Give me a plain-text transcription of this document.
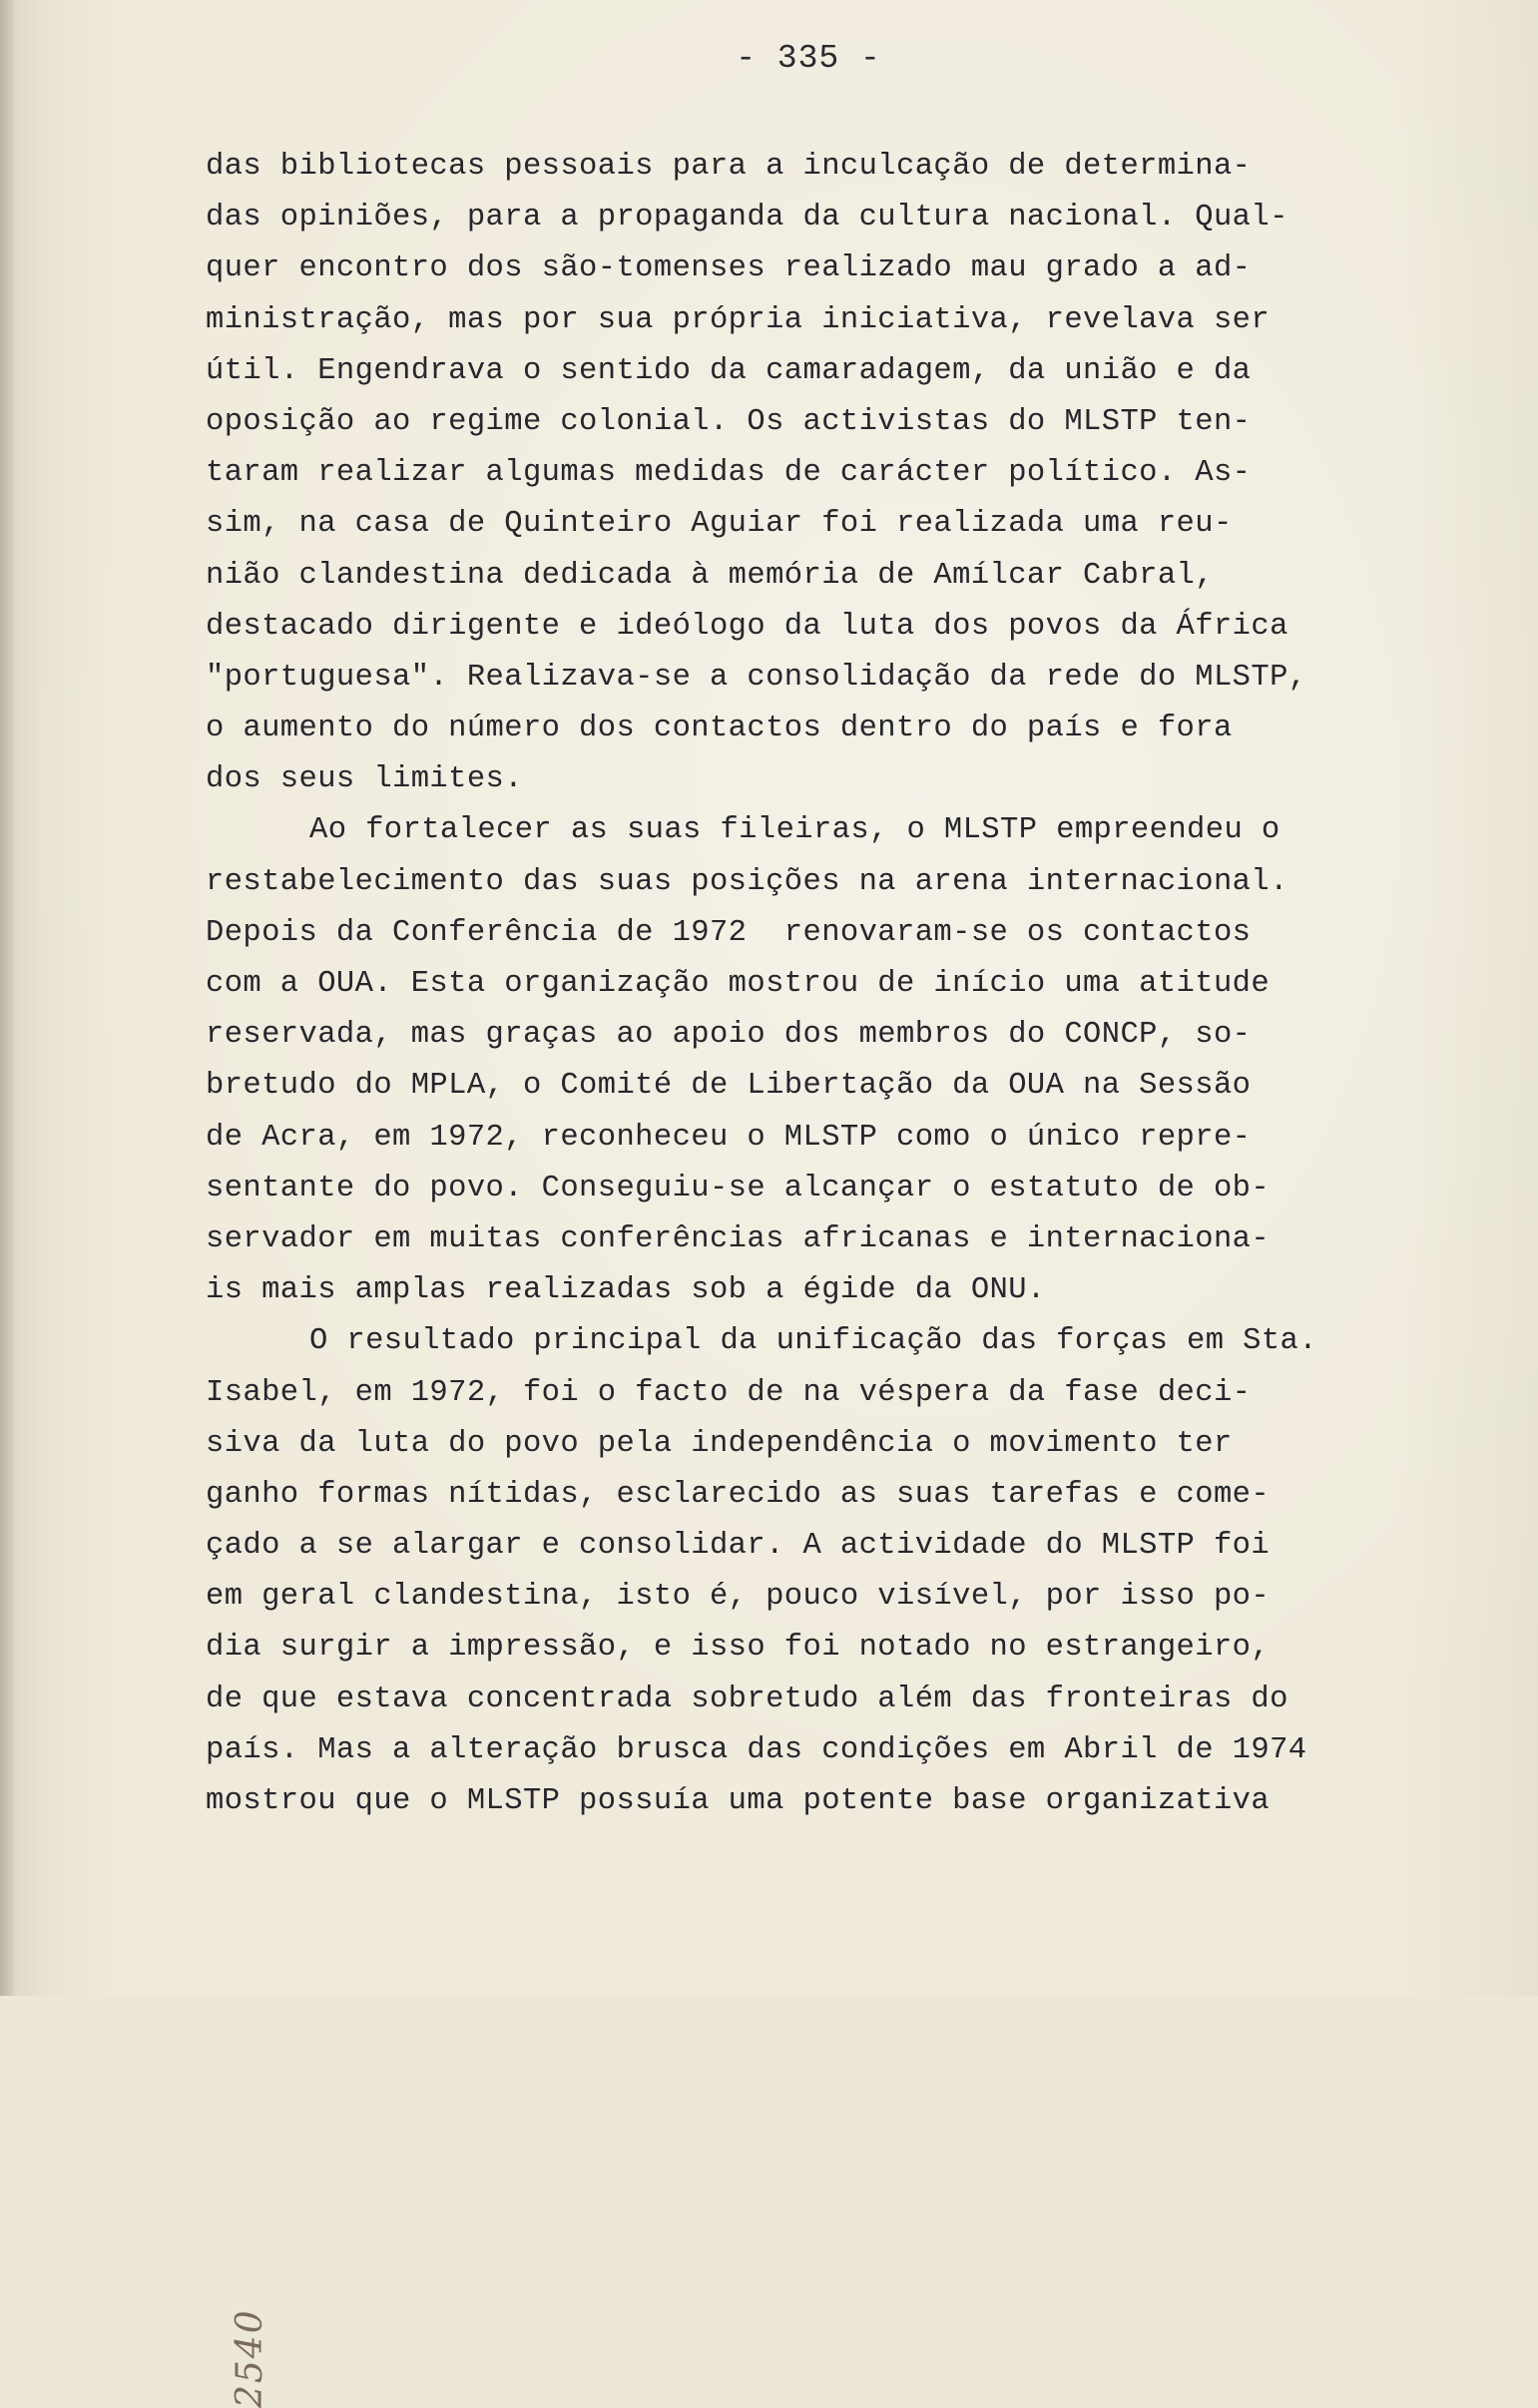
- 335 -
2540
das bibliotecas pessoais para a inculcação de determina-
das opiniões, para a propaganda da cultura nacional. Qual-
quer encontro dos são-tomenses realizado mau grado a ad-
ministração, mas por sua própria iniciativa, revelava ser
útil. Engendrava o sentido da camaradagem, da união e da
oposição ao regime colonial. Os activistas do MLSTP ten-
taram realizar algumas medidas de carácter político. As-
sim, na casa de Quinteiro Aguiar foi realizada uma reu-
nião clandestina dedicada à memória de Amílcar Cabral,
destacado dirigente e ideólogo da luta dos povos da África
"portuguesa". Realizava-se a consolidação da rede do MLSTP,
o aumento do número dos contactos dentro do país e fora
dos seus limites.
Ao fortalecer as suas fileiras, o MLSTP empreendeu o
restabelecimento das suas posições na arena internacional.
Depois da Conferência de 1972  renovaram-se os contactos
com a OUA. Esta organização mostrou de início uma atitude
reservada, mas graças ao apoio dos membros do CONCP, so-
bretudo do MPLA, o Comité de Libertação da OUA na Sessão
de Acra, em 1972, reconheceu o MLSTP como o único repre-
sentante do povo. Conseguiu-se alcançar o estatuto de ob-
servador em muitas conferências africanas e internaciona-
is mais amplas realizadas sob a égide da ONU.
O resultado principal da unificação das forças em Sta.
Isabel, em 1972, foi o facto de na véspera da fase deci-
siva da luta do povo pela independência o movimento ter
ganho formas nítidas, esclarecido as suas tarefas e come-
çado a se alargar e consolidar. A actividade do MLSTP foi
em geral clandestina, isto é, pouco visível, por isso po-
dia surgir a impressão, e isso foi notado no estrangeiro,
de que estava concentrada sobretudo além das fronteiras do
país. Mas a alteração brusca das condições em Abril de 1974
mostrou que o MLSTP possuía uma potente base organizativa
